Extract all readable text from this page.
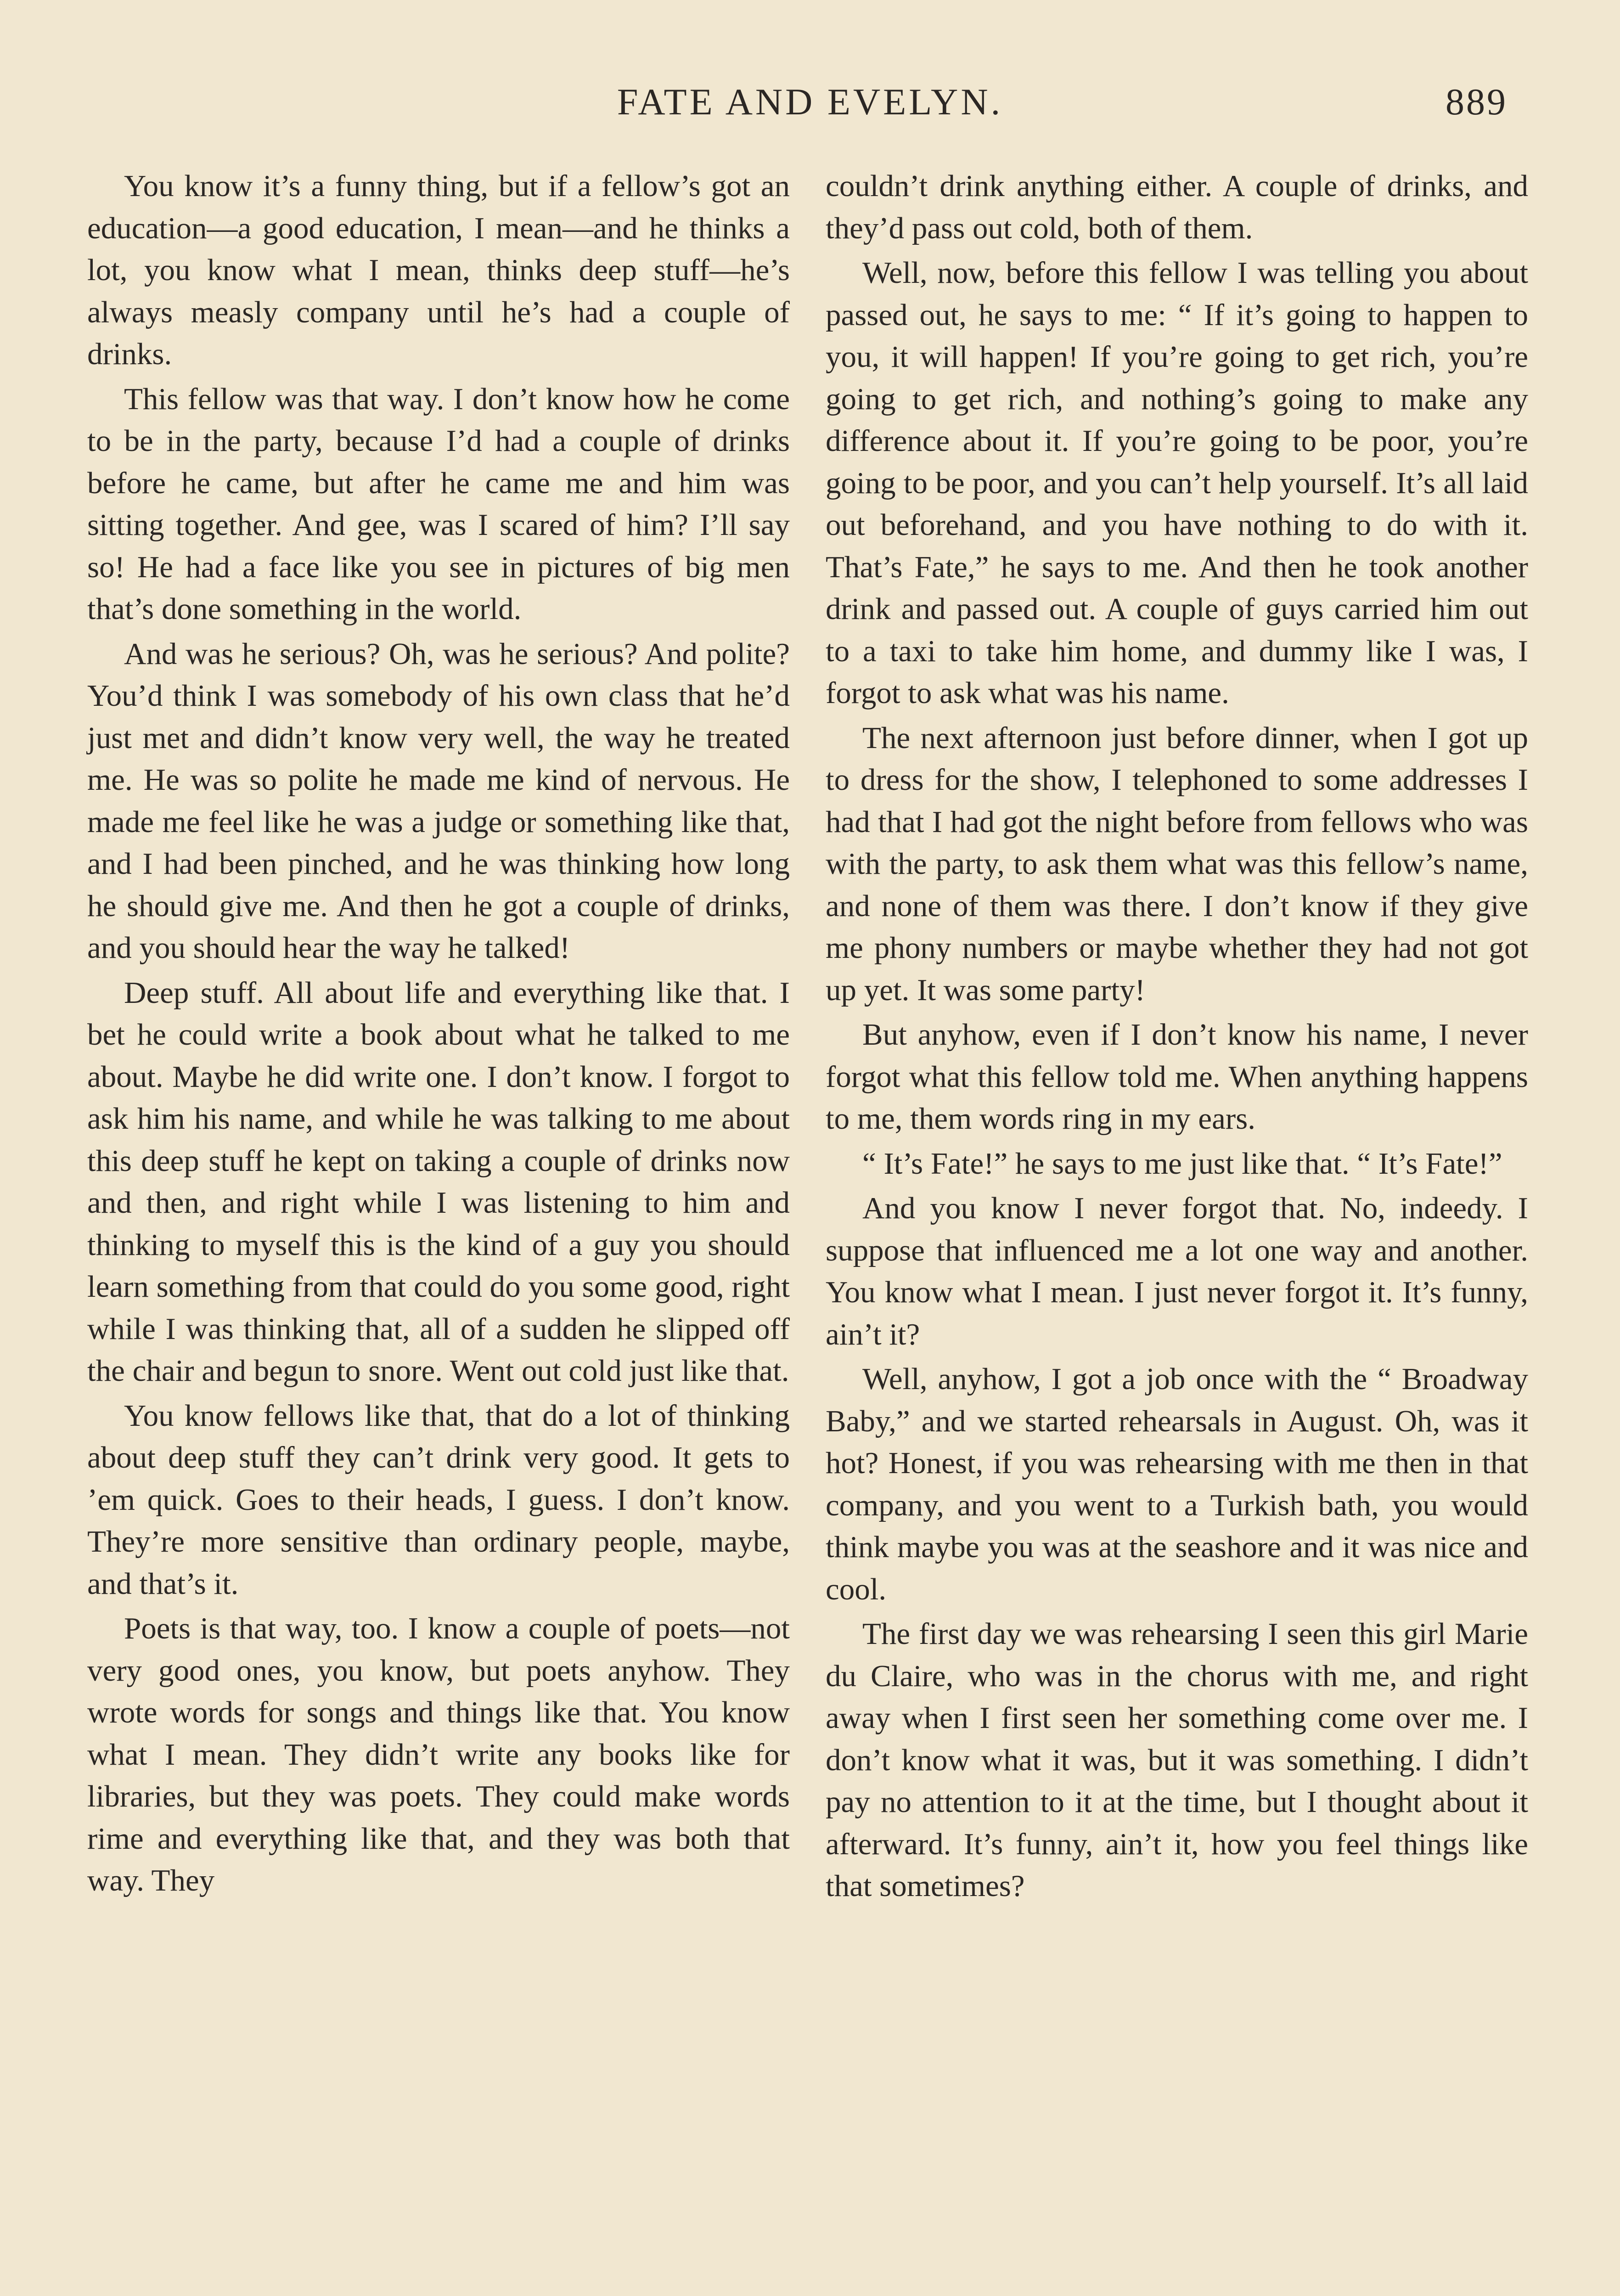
FATE AND EVELYN.	889

You know it’s a funny thing, but if a fellow’s got an education—a good education, I mean—and he thinks a lot, you know what I mean, thinks deep stuff—he’s always measly company until he’s had a couple of drinks.

This fellow was that way. I don’t know how he come to be in the party, because I’d had a couple of drinks before he came, but after he came me and him was sitting together. And gee, was I scared of him? I’ll say so! He had a face like you see in pictures of big men that’s done something in the world.

And was he serious? Oh, was he serious? And polite? You’d think I was somebody of his own class that he’d just met and didn’t know very well, the way he treated me. He was so polite he made me kind of nervous. He made me feel like he was a judge or something like that, and I had been pinched, and he was thinking how long he should give me. And then he got a couple of drinks, and you should hear the way he talked!

Deep stuff. All about life and everything like that. I bet he could write a book about what he talked to me about. Maybe he did write one. I don’t know. I forgot to ask him his name, and while he was talking to me about this deep stuff he kept on taking a couple of drinks now and then, and right while I was listening to him and thinking to myself this is the kind of a guy you should learn something from that could do you some good, right while I was thinking that, all of a sudden he slipped off the chair and begun to snore. Went out cold just like that.

You know fellows like that, that do a lot of thinking about deep stuff they can’t drink very good. It gets to ’em quick. Goes to their heads, I guess. I don’t know. They’re more sensitive than ordinary people, maybe, and that’s it.

Poets is that way, too. I know a couple of poets—not very good ones, you know, but poets anyhow. They wrote words for songs and things like that. You know what I mean. They didn’t write any books like for libraries, but they was poets. They could make words rime and everything like that, and they was both that way. They

couldn’t drink anything either. A couple of drinks, and they’d pass out cold, both of them.

Well, now, before this fellow I was telling you about passed out, he says to me: “ If it’s going to happen to you, it will happen! If you’re going to get rich, you’re going to get rich, and nothing’s going to make any difference about it. If you’re going to be poor, you’re going to be poor, and you can’t help yourself. It’s all laid out beforehand, and you have nothing to do with it. That’s Fate,” he says to me. And then he took another drink and passed out. A couple of guys carried him out to a taxi to take him home, and dummy like I was, I forgot to ask what was his name.

The next afternoon just before dinner, when I got up to dress for the show, I telephoned to some addresses I had that I had got the night before from fellows who was with the party, to ask them what was this fellow’s name, and none of them was there. I don’t know if they give me phony numbers or maybe whether they had not got up yet. It was some party!

But anyhow, even if I don’t know his name, I never forgot what this fellow told me. When anything happens to me, them words ring in my ears.

“ It’s Fate!” he says to me just like that. “ It’s Fate!”

And you know I never forgot that. No, indeedy. I suppose that influenced me a lot one way and another. You know what I mean. I just never forgot it. It’s funny, ain’t it?

Well, anyhow, I got a job once with the “ Broadway Baby,” and we started rehearsals in August. Oh, was it hot? Honest, if you was rehearsing with me then in that company, and you went to a Turkish bath, you would think maybe you was at the seashore and it was nice and cool.

The first day we was rehearsing I seen this girl Marie du Claire, who was in the chorus with me, and right away when I first seen her something come over me. I don’t know what it was, but it was something. I didn’t pay no attention to it at the time, but I thought about it afterward. It’s funny, ain’t it, how you feel things like that sometimes?
